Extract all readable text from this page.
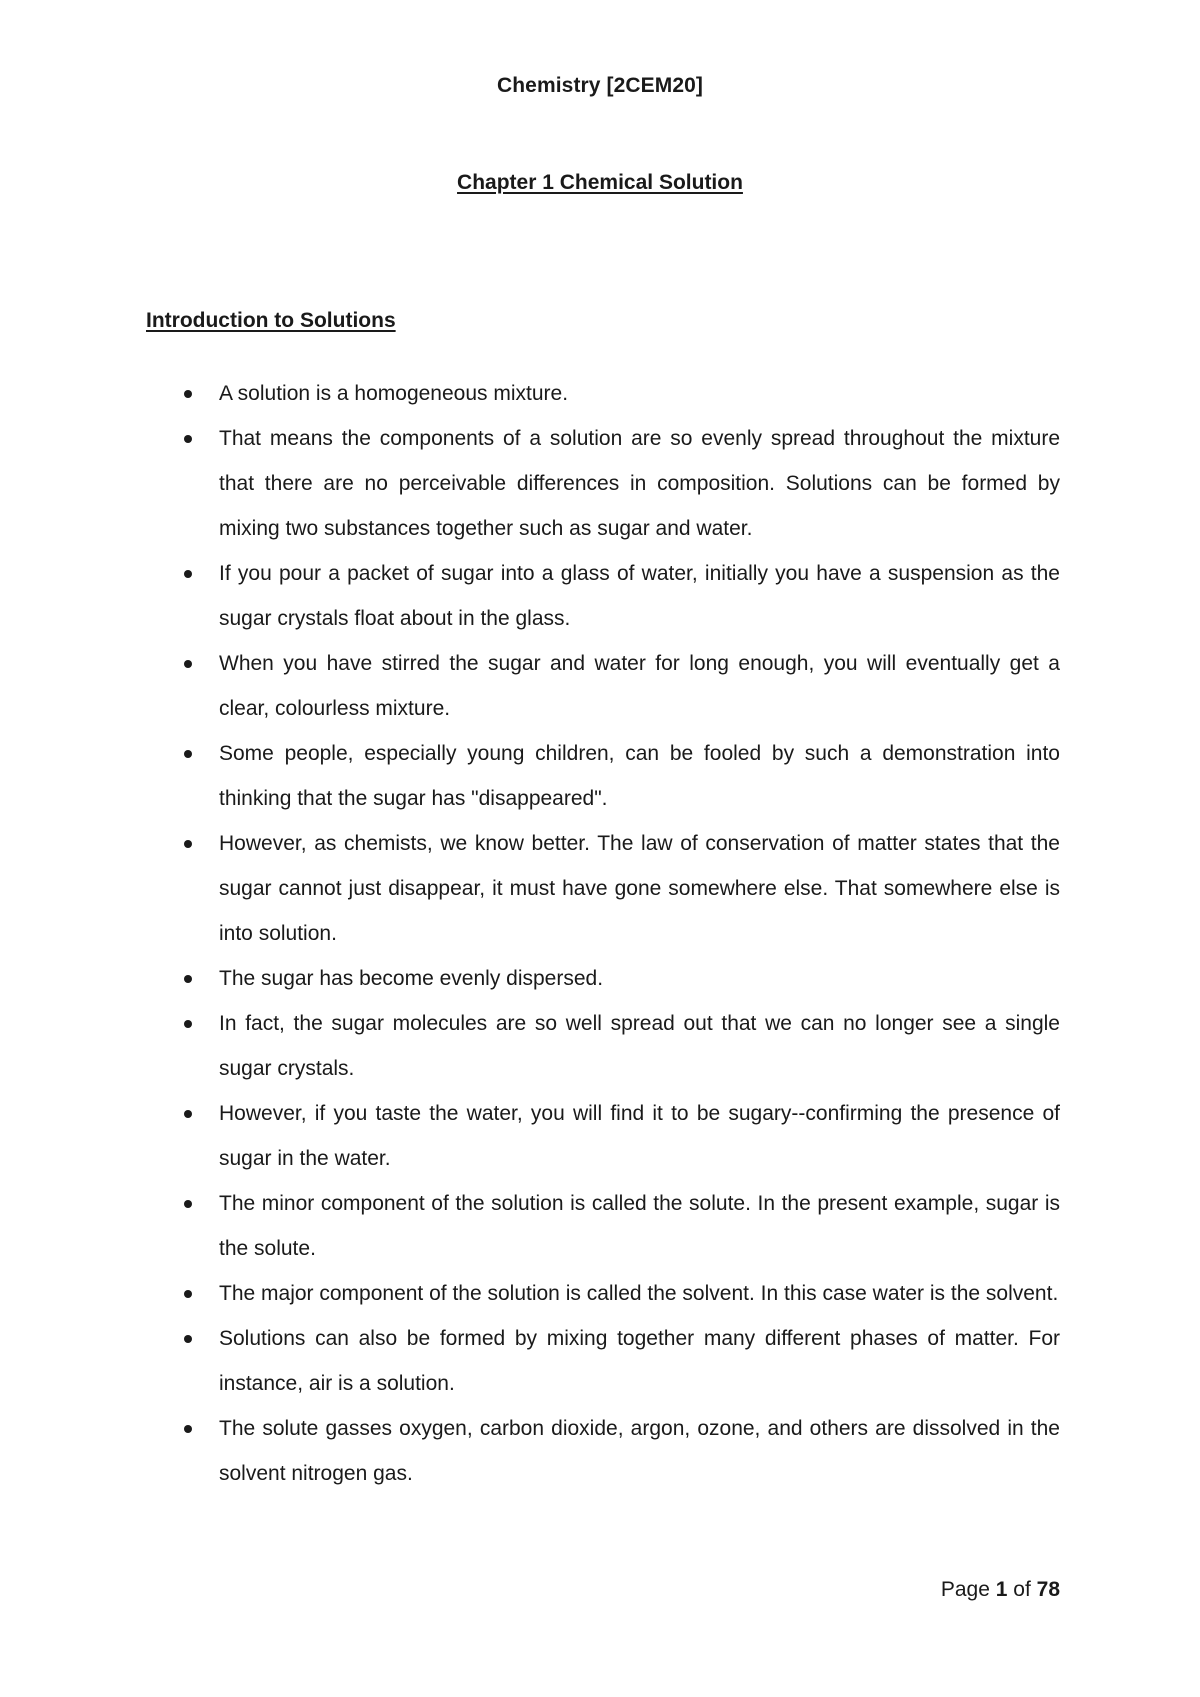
Chemistry [2CEM20]
Chapter 1 Chemical Solution
Introduction to Solutions
A solution is a homogeneous mixture.
That means the components of a solution are so evenly spread throughout the mixture that there are no perceivable differences in composition. Solutions can be formed by mixing two substances together such as sugar and water.
If you pour a packet of sugar into a glass of water, initially you have a suspension as the sugar crystals float about in the glass.
When you have stirred the sugar and water for long enough, you will eventually get a clear, colourless mixture.
Some people, especially young children, can be fooled by such a demonstration into thinking that the sugar has "disappeared".
However, as chemists, we know better. The law of conservation of matter states that the sugar cannot just disappear, it must have gone somewhere else. That somewhere else is into solution.
The sugar has become evenly dispersed.
In fact, the sugar molecules are so well spread out that we can no longer see a single sugar crystals.
However, if you taste the water, you will find it to be sugary--confirming the presence of sugar in the water.
The minor component of the solution is called the solute. In the present example, sugar is the solute.
The major component of the solution is called the solvent. In this case water is the solvent.
Solutions can also be formed by mixing together many different phases of matter. For instance, air is a solution.
The solute gasses oxygen, carbon dioxide, argon, ozone, and others are dissolved in the solvent nitrogen gas.
Page 1 of 78
